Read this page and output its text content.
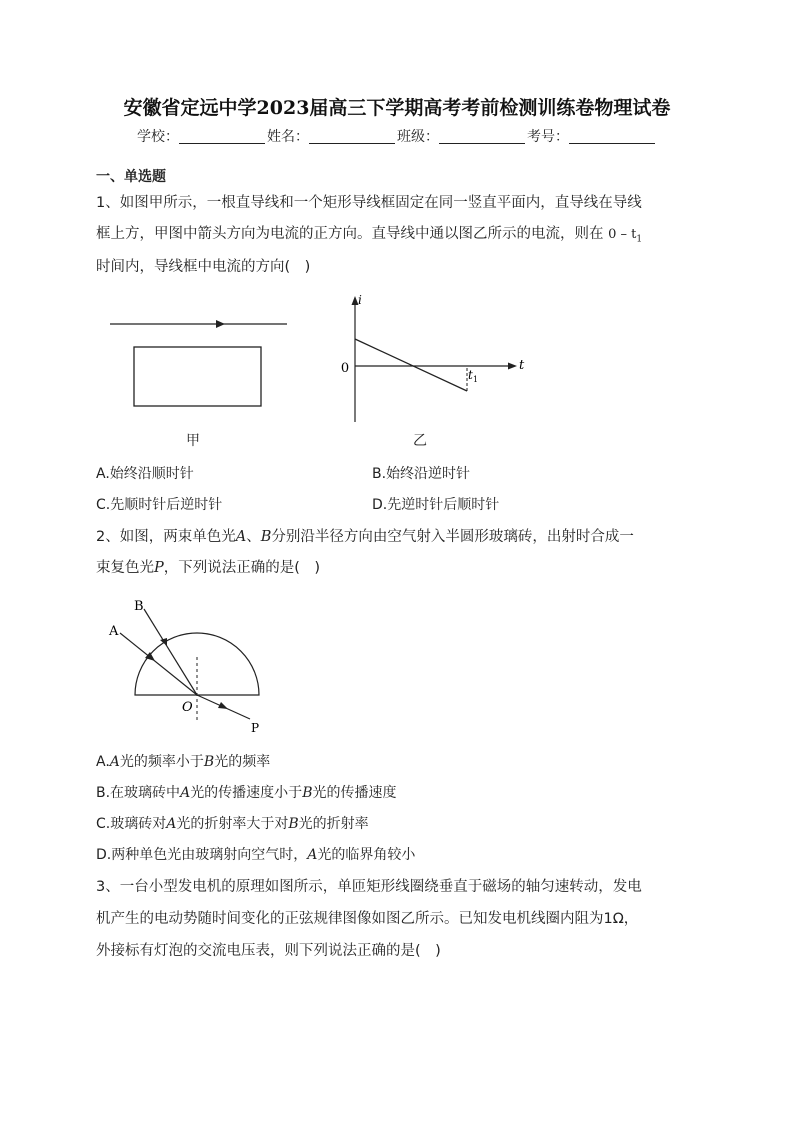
安徽省定远中学2023届高三下学期高考考前检测训练卷物理试卷
学校：	姓名：	班级：	考号：
一、单选题
1、如图甲所示，一根直导线和一个矩形导线框固定在同一竖直平面内，直导线在导线
框上方，甲图中箭头方向为电流的正方向。直导线中通以图乙所示的电流，则在 $0 - t_1$
时间内，导线框中电流的方向(　)
甲
i
t
0	t 1
乙
A.始终沿顺时针	B.始终沿逆时针
C.先顺时针后逆时针	D.先逆时针后顺时针
2、如图，两束单色光A、B分别沿半径方向由空气射入半圆形玻璃砖，出射时合成一
束复色光P，下列说法正确的是(　)
A
B
O
P
A.A光的频率小于B光的频率
B.在玻璃砖中A光的传播速度小于B光的传播速度
C.玻璃砖对A光的折射率大于对B光的折射率
D.两种单色光由玻璃射向空气时，A光的临界角较小
3、一台小型发电机的原理如图所示，单匝矩形线圈绕垂直于磁场的轴匀速转动，发电
机产生的电动势随时间变化的正弦规律图像如图乙所示。已知发电机线圈内阻为1Ω，
外接标有灯泡的交流电压表，则下列说法正确的是(　)
